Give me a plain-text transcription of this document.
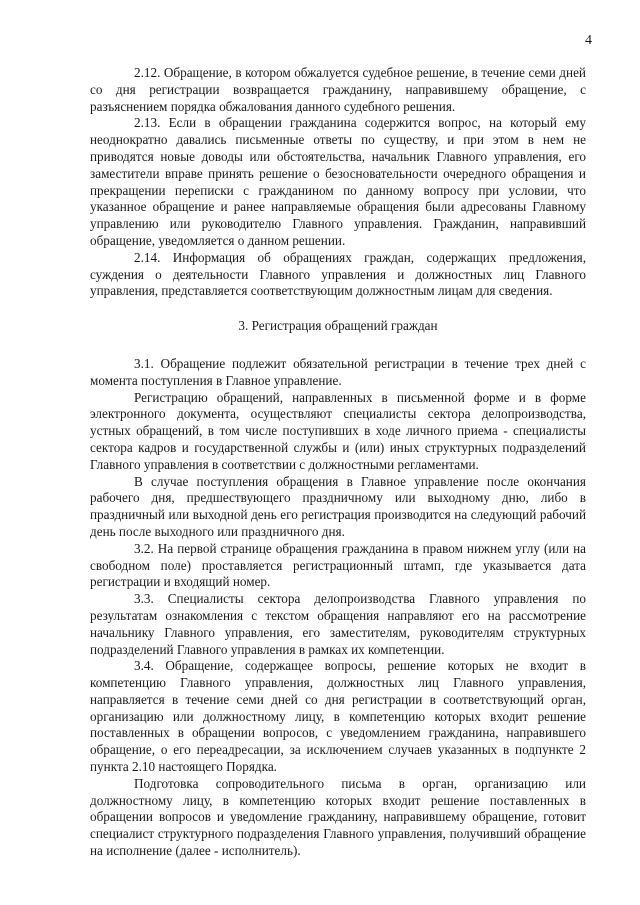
4

2.12. Обращение, в котором обжалуется судебное решение, в течение семи дней со дня регистрации возвращается гражданину, направившему обращение, с разъяснением порядка обжалования данного судебного решения.

2.13. Если в обращении гражданина содержится вопрос, на который ему неоднократно давались письменные ответы по существу, и при этом в нем не приводятся новые доводы или обстоятельства, начальник Главного управления, его заместители вправе принять решение о безосновательности очередного обращения и прекращении переписки с гражданином по данному вопросу при условии, что указанное обращение и ранее направляемые обращения были адресованы Главному управлению или руководителю Главного управления. Гражданин, направивший обращение, уведомляется о данном решении.

2.14. Информация об обращениях граждан, содержащих предложения, суждения о деятельности Главного управления и должностных лиц Главного управления, представляется соответствующим должностным лицам для сведения.

3. Регистрация обращений граждан

3.1. Обращение подлежит обязательной регистрации в течение трех дней с момента поступления в Главное управление.

Регистрацию обращений, направленных в письменной форме и в форме электронного документа, осуществляют специалисты сектора делопроизводства, устных обращений, в том числе поступивших в ходе личного приема - специалисты сектора кадров и государственной службы и (или) иных структурных подразделений Главного управления в соответствии с должностными регламентами.

В случае поступления обращения в Главное управление после окончания рабочего дня, предшествующего праздничному или выходному дню, либо в праздничный или выходной день его регистрация производится на следующий рабочий день после выходного или праздничного дня.

3.2. На первой странице обращения гражданина в правом нижнем углу (или на свободном поле) проставляется регистрационный штамп, где указывается дата регистрации и входящий номер.

3.3. Специалисты сектора делопроизводства Главного управления по результатам ознакомления с текстом обращения направляют его на рассмотрение начальнику Главного управления, его заместителям, руководителям структурных подразделений Главного управления в рамках их компетенции.

3.4. Обращение, содержащее вопросы, решение которых не входит в компетенцию Главного управления, должностных лиц Главного управления, направляется в течение семи дней со дня регистрации в соответствующий орган, организацию или должностному лицу, в компетенцию которых входит решение поставленных в обращении вопросов, с уведомлением гражданина, направившего обращение, о его переадресации, за исключением случаев указанных в подпункте 2 пункта 2.10 настоящего Порядка.

Подготовка сопроводительного письма в орган, организацию или должностному лицу, в компетенцию которых входит решение поставленных в обращении вопросов и уведомление гражданину, направившему обращение, готовит специалист структурного подразделения Главного управления, получивший обращение на исполнение (далее - исполнитель).
